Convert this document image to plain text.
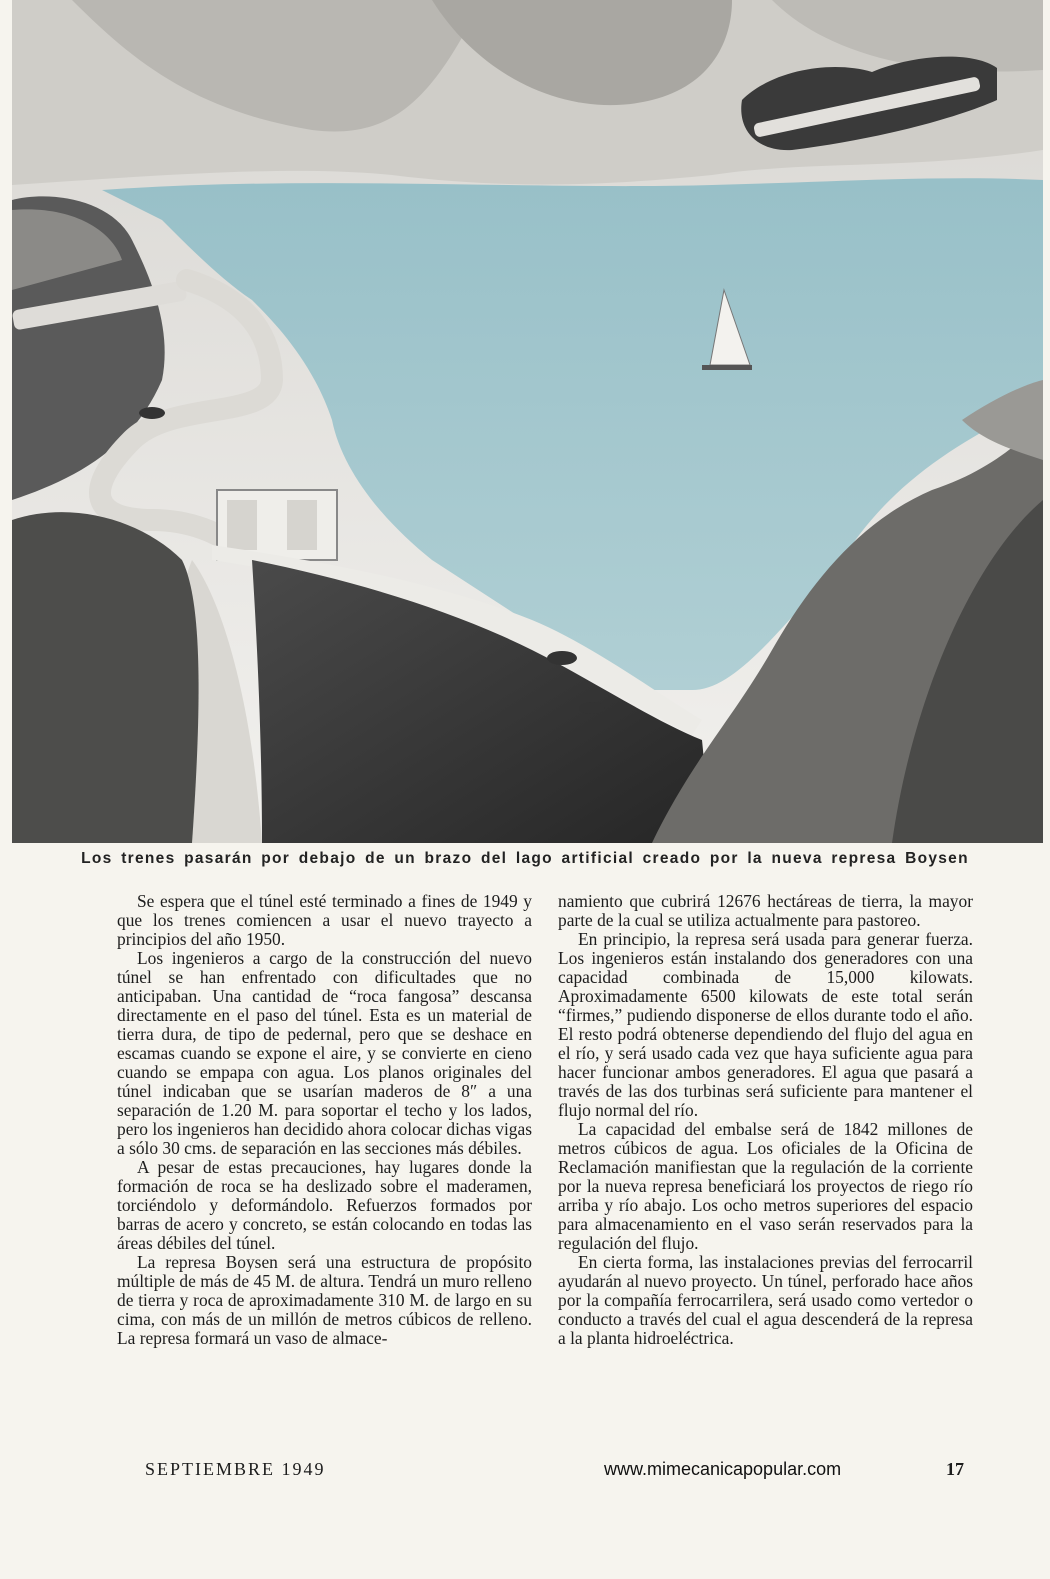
Los trenes pasarán por debajo de un brazo del lago artificial creado por la nueva represa Boysen

Se espera que el túnel esté terminado a fines de 1949 y que los trenes comiencen a usar el nuevo trayecto a principios del año 1950.

Los ingenieros a cargo de la construcción del nuevo túnel se han enfrentado con dificultades que no anticipaban. Una cantidad de “roca fangosa” descansa directamente en el paso del túnel. Esta es un material de tierra dura, de tipo de pedernal, pero que se deshace en escamas cuando se expone el aire, y se convierte en cieno cuando se empapa con agua. Los planos originales del túnel indicaban que se usarían maderos de 8″ a una separación de 1.20 M. para soportar el techo y los lados, pero los ingenieros han decidido ahora colocar dichas vigas a sólo 30 cms. de separación en las secciones más débiles.

A pesar de estas precauciones, hay lugares donde la formación de roca se ha deslizado sobre el maderamen, torciéndolo y deformándolo. Refuerzos formados por barras de acero y concreto, se están colocando en todas las áreas débiles del túnel.

La represa Boysen será una estructura de propósito múltiple de más de 45 M. de altura. Tendrá un muro relleno de tierra y roca de aproximadamente 310 M. de largo en su cima, con más de un millón de metros cúbicos de relleno. La represa formará un vaso de almace-

namiento que cubrirá 12676 hectáreas de tierra, la mayor parte de la cual se utiliza actualmente para pastoreo.

En principio, la represa será usada para generar fuerza. Los ingenieros están instalando dos generadores con una capacidad combinada de 15,000 kilowats. Aproximadamente 6500 kilowats de este total serán “firmes,” pudiendo disponerse de ellos durante todo el año. El resto podrá obtenerse dependiendo del flujo del agua en el río, y será usado cada vez que haya suficiente agua para hacer funcionar ambos generadores. El agua que pasará a través de las dos turbinas será suficiente para mantener el flujo normal del río.

La capacidad del embalse será de 1842 millones de metros cúbicos de agua. Los oficiales de la Oficina de Reclamación manifiestan que la regulación de la corriente por la nueva represa beneficiará los proyectos de riego río arriba y río abajo. Los ocho metros superiores del espacio para almacenamiento en el vaso serán reservados para la regulación del flujo.

En cierta forma, las instalaciones previas del ferrocarril ayudarán al nuevo proyecto. Un túnel, perforado hace años por la compañía ferrocarrilera, será usado como vertedor o conducto a través del cual el agua descenderá de la represa a la planta hidroeléctrica.

SEPTIEMBRE 1949	www.mimecanicapopular.com	17
